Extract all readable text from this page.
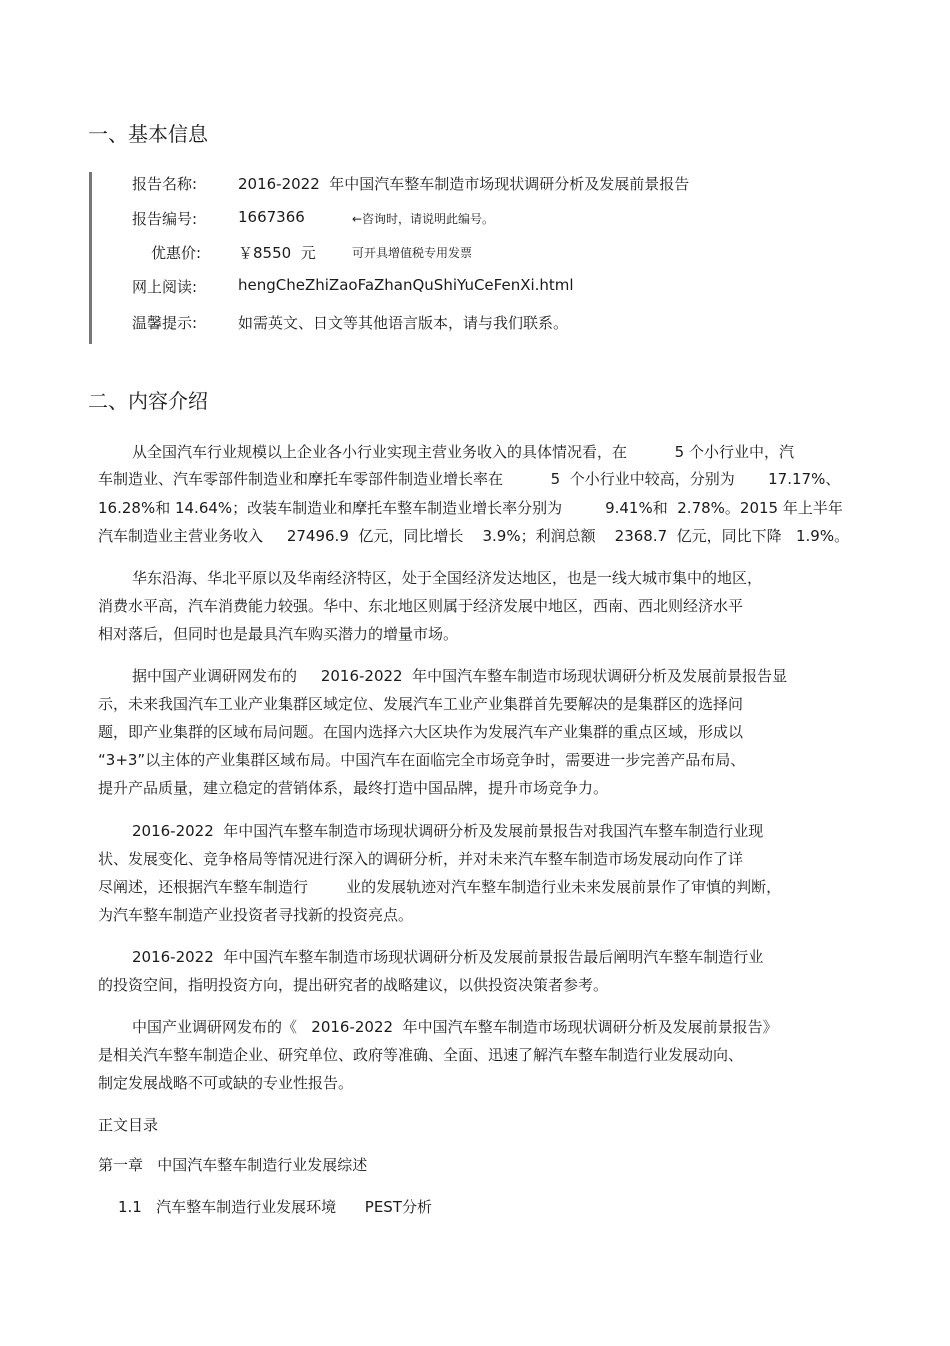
一、基本信息
报告名称:	2016-2022  年中国汽车整车制造市场现状调研分析及发展前景报告
报告编号:	1667366	←咨询时，请说明此编号。
优惠价: ￥8550  元	可开具增值税专用发票
网上阅读:	hengCheZhiZaoFaZhanQuShiYuCeFenXi.html
温馨提示:	如需英文、日文等其他语言版本，请与我们联系。
二、内容介绍
从全国汽车行业规模以上企业各小行业实现主营业务收入的具体情况看，在          5 个小行业中，汽
车制造业、汽车零部件制造业和摩托车零部件制造业增长率在          5  个小行业中较高，分别为       17.17%、
16.28%和 14.64%；改装车制造业和摩托车整车制造业增长率分别为         9.41%和  2.78%。2015 年上半年
汽车制造业主营业务收入     27496.9  亿元，同比增长    3.9%；利润总额    2368.7  亿元，同比下降   1.9%。
华东沿海、华北平原以及华南经济特区，处于全国经济发达地区，也是一线大城市集中的地区，
消费水平高，汽车消费能力较强。华中、东北地区则属于经济发展中地区，西南、西北则经济水平
相对落后，但同时也是最具汽车购买潜力的增量市场。
据中国产业调研网发布的     2016-2022  年中国汽车整车制造市场现状调研分析及发展前景报告显
示，未来我国汽车工业产业集群区域定位、发展汽车工业产业集群首先要解决的是集群区的选择问
题，即产业集群的区域布局问题。在国内选择六大区块作为发展汽车产业集群的重点区域，形成以
“3+3”以主体的产业集群区域布局。中国汽车在面临完全市场竞争时，需要进一步完善产品布局、
提升产品质量，建立稳定的营销体系，最终打造中国品牌，提升市场竞争力。
2016-2022  年中国汽车整车制造市场现状调研分析及发展前景报告对我国汽车整车制造行业现
状、发展变化、竞争格局等情况进行深入的调研分析，并对未来汽车整车制造市场发展动向作了详
尽阐述，还根据汽车整车制造行        业的发展轨迹对汽车整车制造行业未来发展前景作了审慎的判断，
为汽车整车制造产业投资者寻找新的投资亮点。
2016-2022  年中国汽车整车制造市场现状调研分析及发展前景报告最后阐明汽车整车制造行业
的投资空间，指明投资方向，提出研究者的战略建议，以供投资决策者参考。
中国产业调研网发布的《   2016-2022  年中国汽车整车制造市场现状调研分析及发展前景报告》
是相关汽车整车制造企业、研究单位、政府等准确、全面、迅速了解汽车整车制造行业发展动向、
制定发展战略不可或缺的专业性报告。
正文目录
第一章   中国汽车整车制造行业发展综述
1.1   汽车整车制造行业发展环境      PEST分析
